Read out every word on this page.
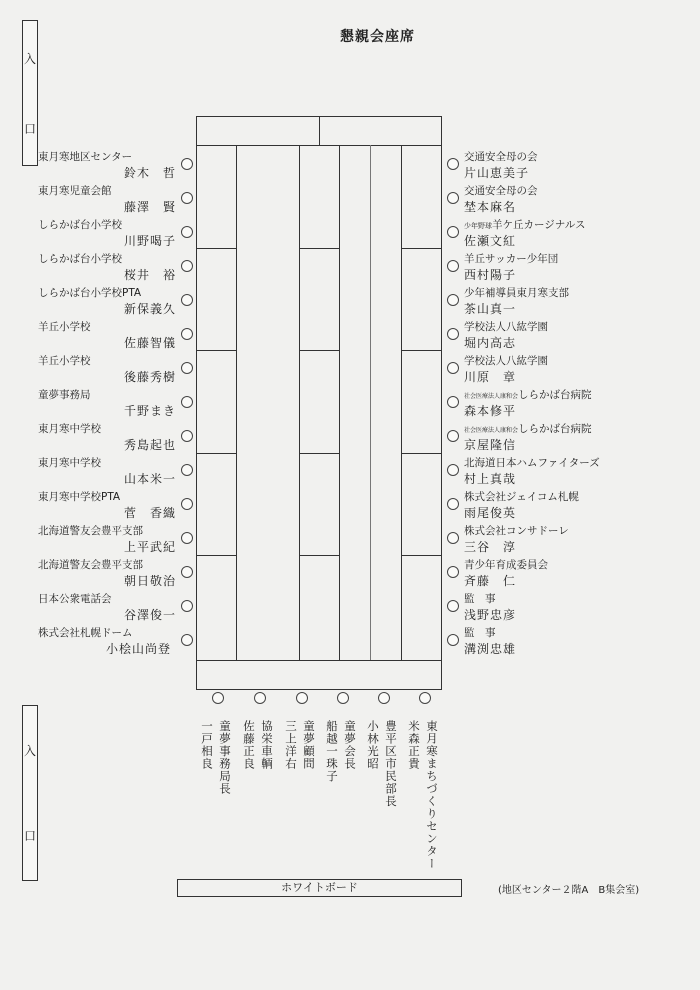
懇親会座席
入
口
入
口
東月寒地区センター
鈴木　哲
東月寒児童会館
藤澤　賢
しらかば台小学校
川野喝子
しらかば台小学校
桜井　裕
しらかば台小学校PTA
新保義久
羊丘小学校
佐藤智儀
羊丘小学校
後藤秀樹
童夢事務局
千野まき
東月寒中学校
秀島起也
東月寒中学校
山本米一
東月寒中学校PTA
菅　香織
北海道警友会豊平支部
上平武紀
北海道警友会豊平支部
朝日敬治
日本公衆電話会
谷澤俊一
株式会社札幌ドーム
小桧山尚登
交通安全母の会
片山恵美子
交通安全母の会
埜本麻名
少年野球羊ケ丘カージナルス
佐瀬文紅
羊丘サッカー少年団
西村陽子
少年補導員東月寒支部
茶山真一
学校法人八紘学園
堀内高志
学校法人八紘学園
川原　章
社会医療法人康和会しらかば台病院
森本修平
社会医療法人康和会しらかば台病院
京屋隆信
北海道日本ハムファイターズ
村上真哉
株式会社ジェイコム札幌
雨尾俊英
株式会社コンサドーレ
三谷　淳
青少年育成委員会
斉藤　仁
監　事
浅野忠彦
監　事
溝渕忠雄
一戸相良 童夢事務局長 佐藤正良 協栄車輌 三上洋右 童夢顧問 船越一珠子 童夢会長 小林光昭 豊平区市民部長 米森正貴 東月寒まちづくりセンター
ホワイトボード	(地区センター２階A　B集会室)
